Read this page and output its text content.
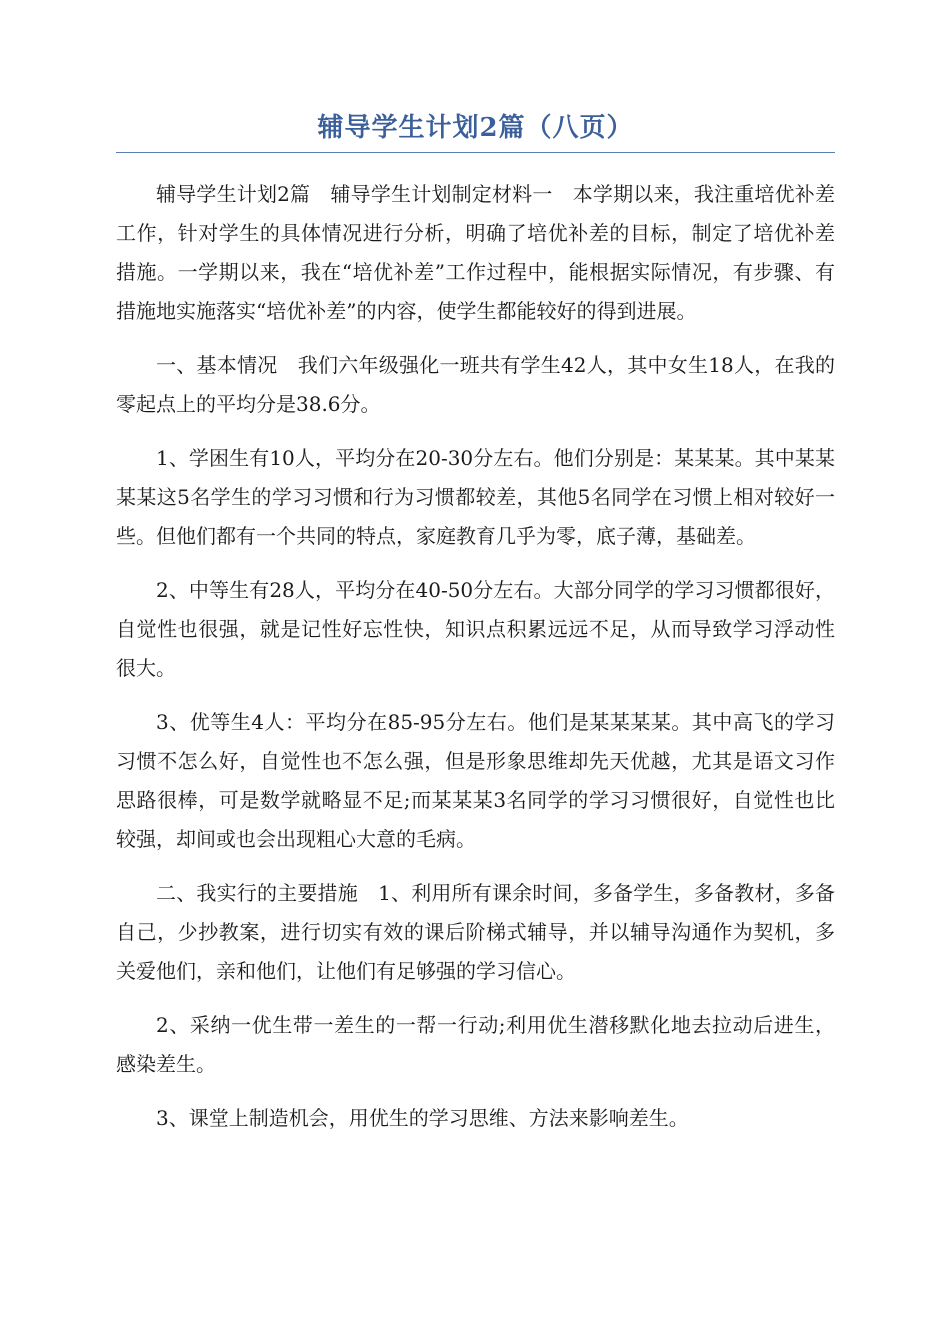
辅导学生计划2篇（八页）

辅导学生计划2篇　辅导学生计划制定材料一　本学期以来，我注重培优补差工作，针对学生的具体情况进行分析，明确了培优补差的目标，制定了培优补差措施。一学期以来，我在“培优补差”工作过程中，能根据实际情况，有步骤、有措施地实施落实“培优补差”的内容，使学生都能较好的得到进展。

一、基本情况　我们六年级强化一班共有学生42人，其中女生18人，在我的零起点上的平均分是38.6分。

1、学困生有10人，平均分在20-30分左右。他们分别是：某某某。其中某某某某这5名学生的学习习惯和行为习惯都较差，其他5名同学在习惯上相对较好一些。但他们都有一个共同的特点，家庭教育几乎为零，底子薄，基础差。

2、中等生有28人，平均分在40-50分左右。大部分同学的学习习惯都很好，自觉性也很强，就是记性好忘性快，知识点积累远远不足，从而导致学习浮动性很大。

3、优等生4人：平均分在85-95分左右。他们是某某某某。其中高飞的学习习惯不怎么好，自觉性也不怎么强，但是形象思维却先天优越，尤其是语文习作思路很棒，可是数学就略显不足;而某某某3名同学的学习习惯很好，自觉性也比较强，却间或也会出现粗心大意的毛病。

二、我实行的主要措施　1、利用所有课余时间，多备学生，多备教材，多备自己，少抄教案，进行切实有效的课后阶梯式辅导，并以辅导沟通作为契机，多关爱他们，亲和他们，让他们有足够强的学习信心。

2、采纳一优生带一差生的一帮一行动;利用优生潜移默化地去拉动后进生，感染差生。

3、课堂上制造机会，用优生的学习思维、方法来影响差生。
